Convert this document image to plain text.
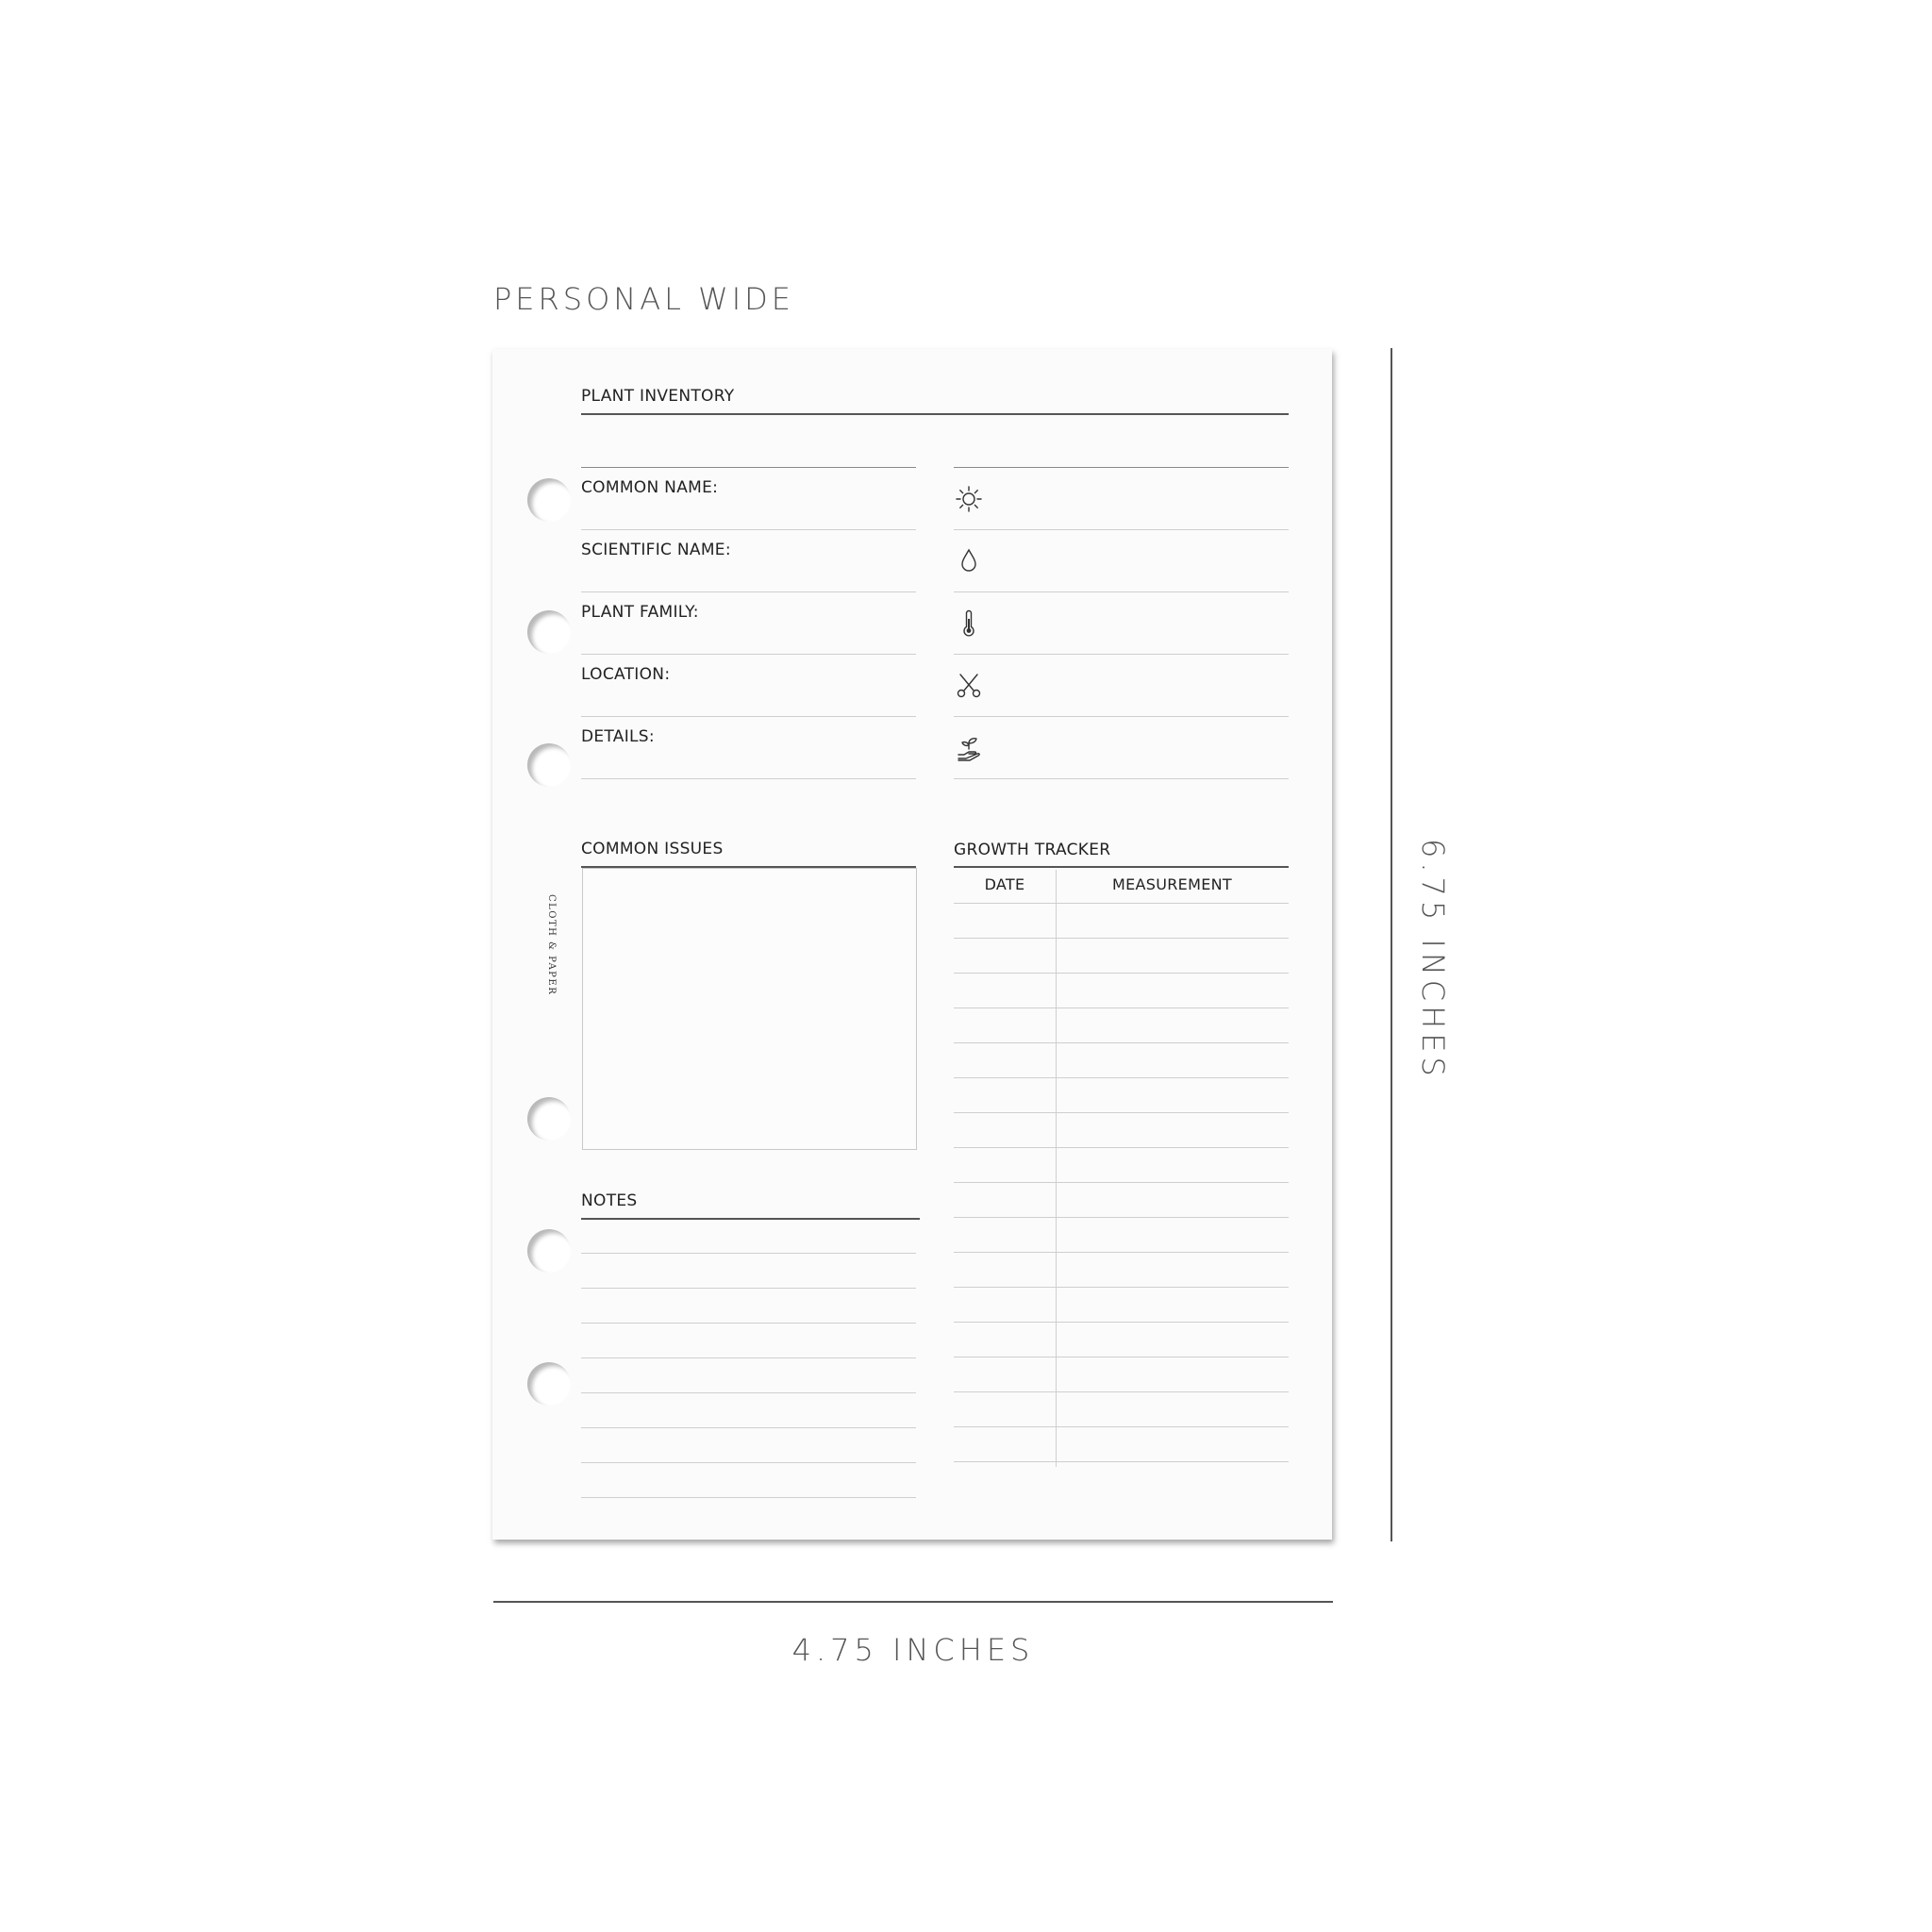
PERSONAL WIDE
6.75 INCHES
4.75 INCHES
PLANT INVENTORY
COMMON NAME:
SCIENTIFIC NAME:
PLANT FAMILY:
LOCATION:
DETAILS:
COMMON ISSUES
NOTES
GROWTH TRACKER
DATE	MEASUREMENT
CLOTH & PAPER
